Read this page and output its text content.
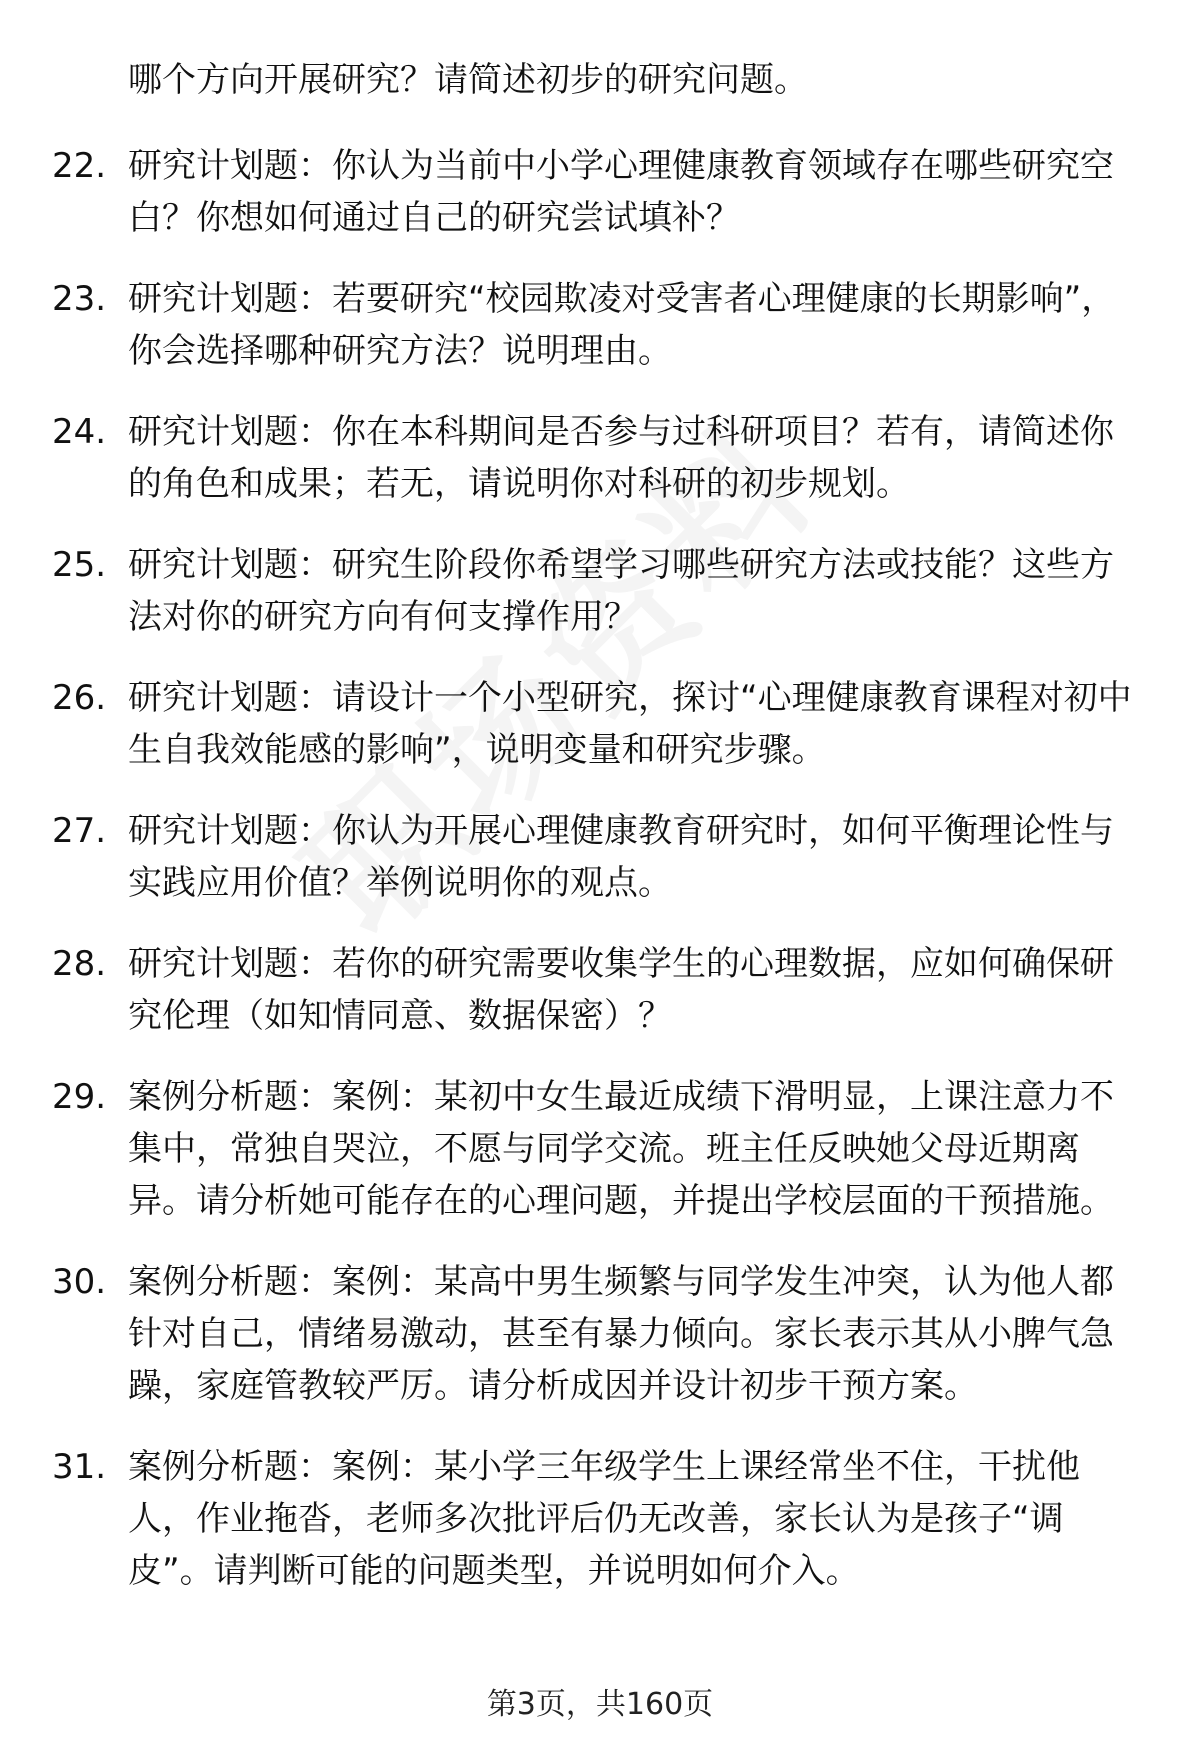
哪个方向开展研究？请简述初步的研究问题。
22. 研究计划题：你认为当前中小学心理健康教育领域存在哪些研究空白？你想如何通过自己的研究尝试填补？
23. 研究计划题：若要研究“校园欺凌对受害者心理健康的长期影响”，你会选择哪种研究方法？说明理由。
24. 研究计划题：你在本科期间是否参与过科研项目？若有，请简述你的角色和成果；若无，请说明你对科研的初步规划。
25. 研究计划题：研究生阶段你希望学习哪些研究方法或技能？这些方法对你的研究方向有何支撑作用？
26. 研究计划题：请设计一个小型研究，探讨“心理健康教育课程对初中生自我效能感的影响”，说明变量和研究步骤。
27. 研究计划题：你认为开展心理健康教育研究时，如何平衡理论性与实践应用价值？举例说明你的观点。
28. 研究计划题：若你的研究需要收集学生的心理数据，应如何确保研究伦理（如知情同意、数据保密）？
29. 案例分析题：案例：某初中女生最近成绩下滑明显，上课注意力不集中，常独自哭泣，不愿与同学交流。班主任反映她父母近期离异。请分析她可能存在的心理问题，并提出学校层面的干预措施。
30. 案例分析题：案例：某高中男生频繁与同学发生冲突，认为他人都针对自己，情绪易激动，甚至有暴力倾向。家长表示其从小脾气急躁，家庭管教较严厉。请分析成因并设计初步干预方案。
31. 案例分析题：案例：某小学三年级学生上课经常坐不住，干扰他人，作业拖沓，老师多次批评后仍无改善，家长认为是孩子“调皮”。请判断可能的问题类型，并说明如何介入。
第3页，共160页
